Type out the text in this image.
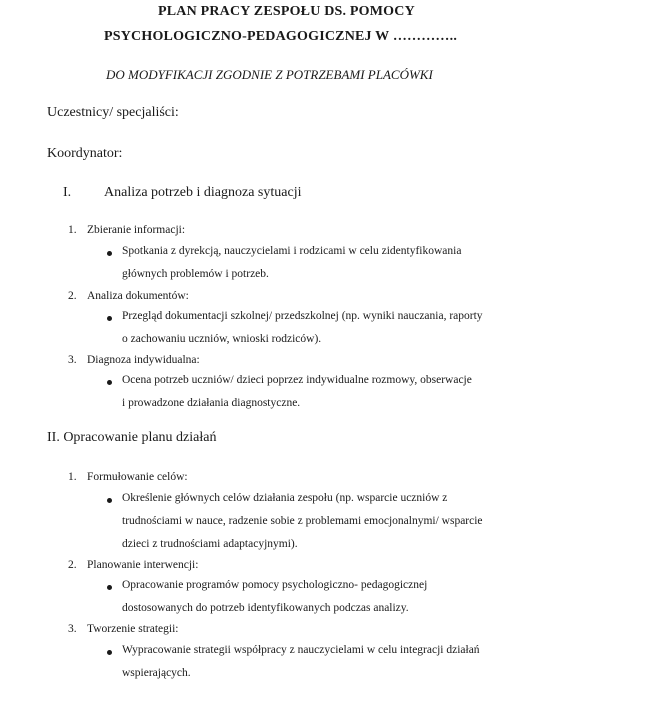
PLAN PRACY ZESPOŁU DS. POMOCY
PSYCHOLOGICZNO-PEDAGOGICZNEJ W …………..
DO MODYFIKACJI ZGODNIE Z POTRZEBAMI PLACÓWKI
Uczestnicy/ specjaliści:
Koordynator:
I. Analiza potrzeb i diagnoza sytuacji
1. Zbieranie informacji:
Spotkania z dyrekcją, nauczycielami i rodzicami w celu zidentyfikowania
głównych problemów i potrzeb.
2. Analiza dokumentów:
Przegląd dokumentacji szkolnej/ przedszkolnej (np. wyniki nauczania, raporty
o zachowaniu uczniów, wnioski rodziców).
3. Diagnoza indywidualna:
Ocena potrzeb uczniów/ dzieci poprzez indywidualne rozmowy, obserwacje
i prowadzone działania diagnostyczne.
II. Opracowanie planu działań
1. Formułowanie celów:
Określenie głównych celów działania zespołu (np. wsparcie uczniów z
trudnościami w nauce, radzenie sobie z problemami emocjonalnymi/ wsparcie
dzieci z trudnościami adaptacyjnymi).
2. Planowanie interwencji:
Opracowanie programów pomocy psychologiczno- pedagogicznej
dostosowanych do potrzeb identyfikowanych podczas analizy.
3. Tworzenie strategii:
Wypracowanie strategii współpracy z nauczycielami w celu integracji działań
wspierających.
